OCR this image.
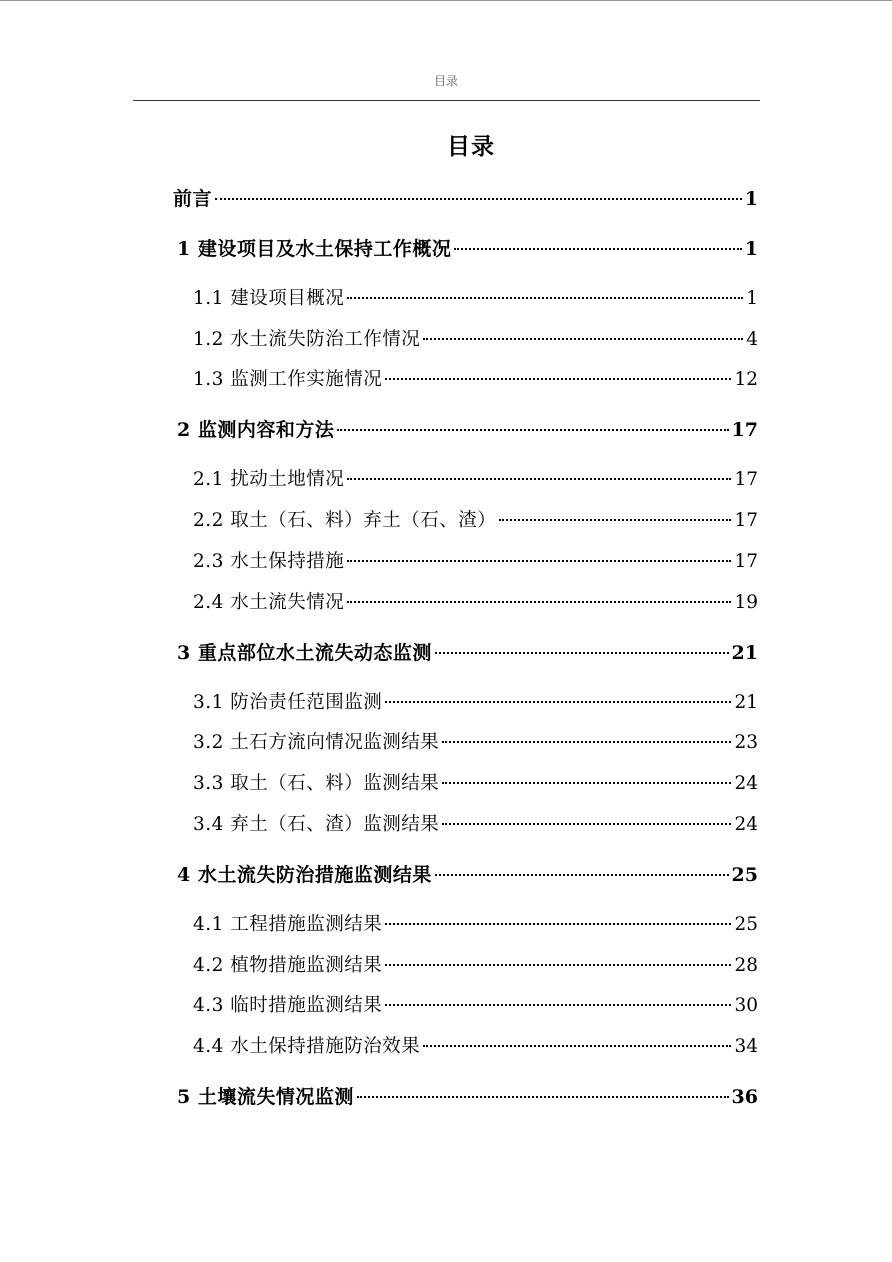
目录
目录
前言	1
1 建设项目及水土保持工作概况	1
1.1 建设项目概况	1
1.2 水土流失防治工作情况	4
1.3 监测工作实施情况	12
2 监测内容和方法	17
2.1 扰动土地情况	17
2.2 取土（石、料）弃土（石、渣）	17
2.3 水土保持措施	17
2.4 水土流失情况	19
3 重点部位水土流失动态监测	21
3.1 防治责任范围监测	21
3.2 土石方流向情况监测结果	23
3.3 取土（石、料）监测结果	24
3.4 弃土（石、渣）监测结果	24
4 水土流失防治措施监测结果	25
4.1 工程措施监测结果	25
4.2 植物措施监测结果	28
4.3 临时措施监测结果	30
4.4 水土保持措施防治效果	34
5 土壤流失情况监测	36
